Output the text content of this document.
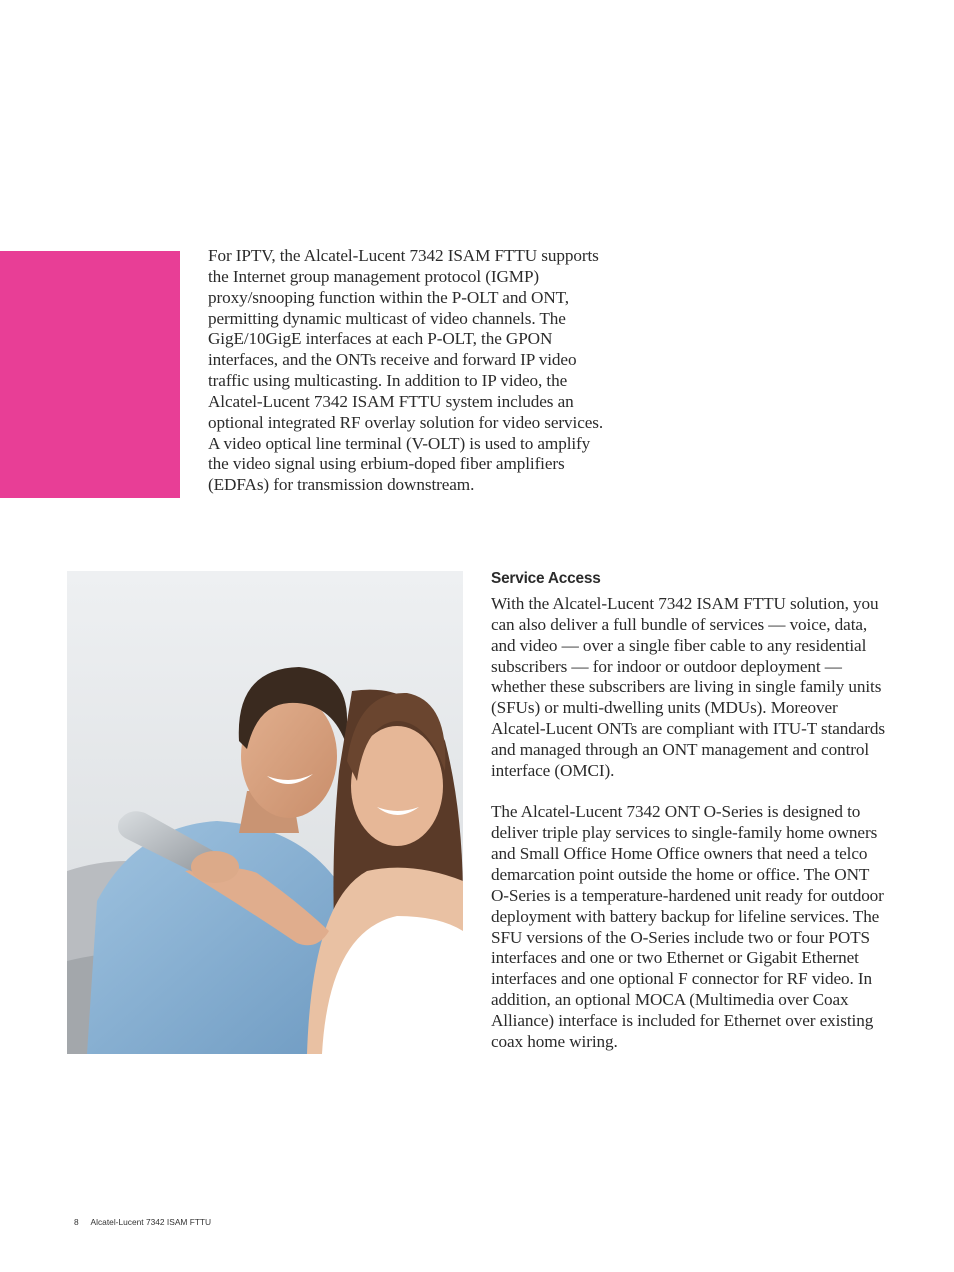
For IPTV, the Alcatel-Lucent 7342 ISAM FTTU supports the Internet group management protocol (IGMP) proxy/snooping function within the P-OLT and ONT, permitting dynamic multicast of video channels. The GigE/10GigE interfaces at each P-OLT, the GPON interfaces, and the ONTs receive and forward IP video traffic using multicasting. In addition to IP video, the Alcatel-Lucent 7342 ISAM FTTU system includes an optional integrated RF overlay solution for video services. A video optical line terminal (V-OLT) is used to amplify the video signal using erbium-doped fiber amplifiers (EDFAs) for transmission downstream.

Service Access

With the Alcatel-Lucent 7342 ISAM FTTU solution, you can also deliver a full bundle of services — voice, data, and video — over a single fiber cable to any residential subscribers — for indoor or outdoor deployment — whether these subscribers are living in single family units (SFUs) or multi-dwelling units (MDUs). Moreover Alcatel-Lucent ONTs are compliant with ITU-T standards and managed through an ONT management and control interface (OMCI).

The Alcatel-Lucent 7342 ONT O-Series is designed to deliver triple play services to single-family home owners and Small Office Home Office owners that need a telco demarcation point outside the home or office. The ONT O-Series is a temperature-hardened unit ready for outdoor deployment with battery backup for lifeline services. The SFU versions of the O-Series include two or four POTS interfaces and one or two Ethernet or Gigabit Ethernet interfaces and one optional F connector for RF video. In addition, an optional MOCA (Multimedia over Coax Alliance) interface is included for Ethernet over existing coax home wiring.

8 Alcatel-Lucent 7342 ISAM FTTU
